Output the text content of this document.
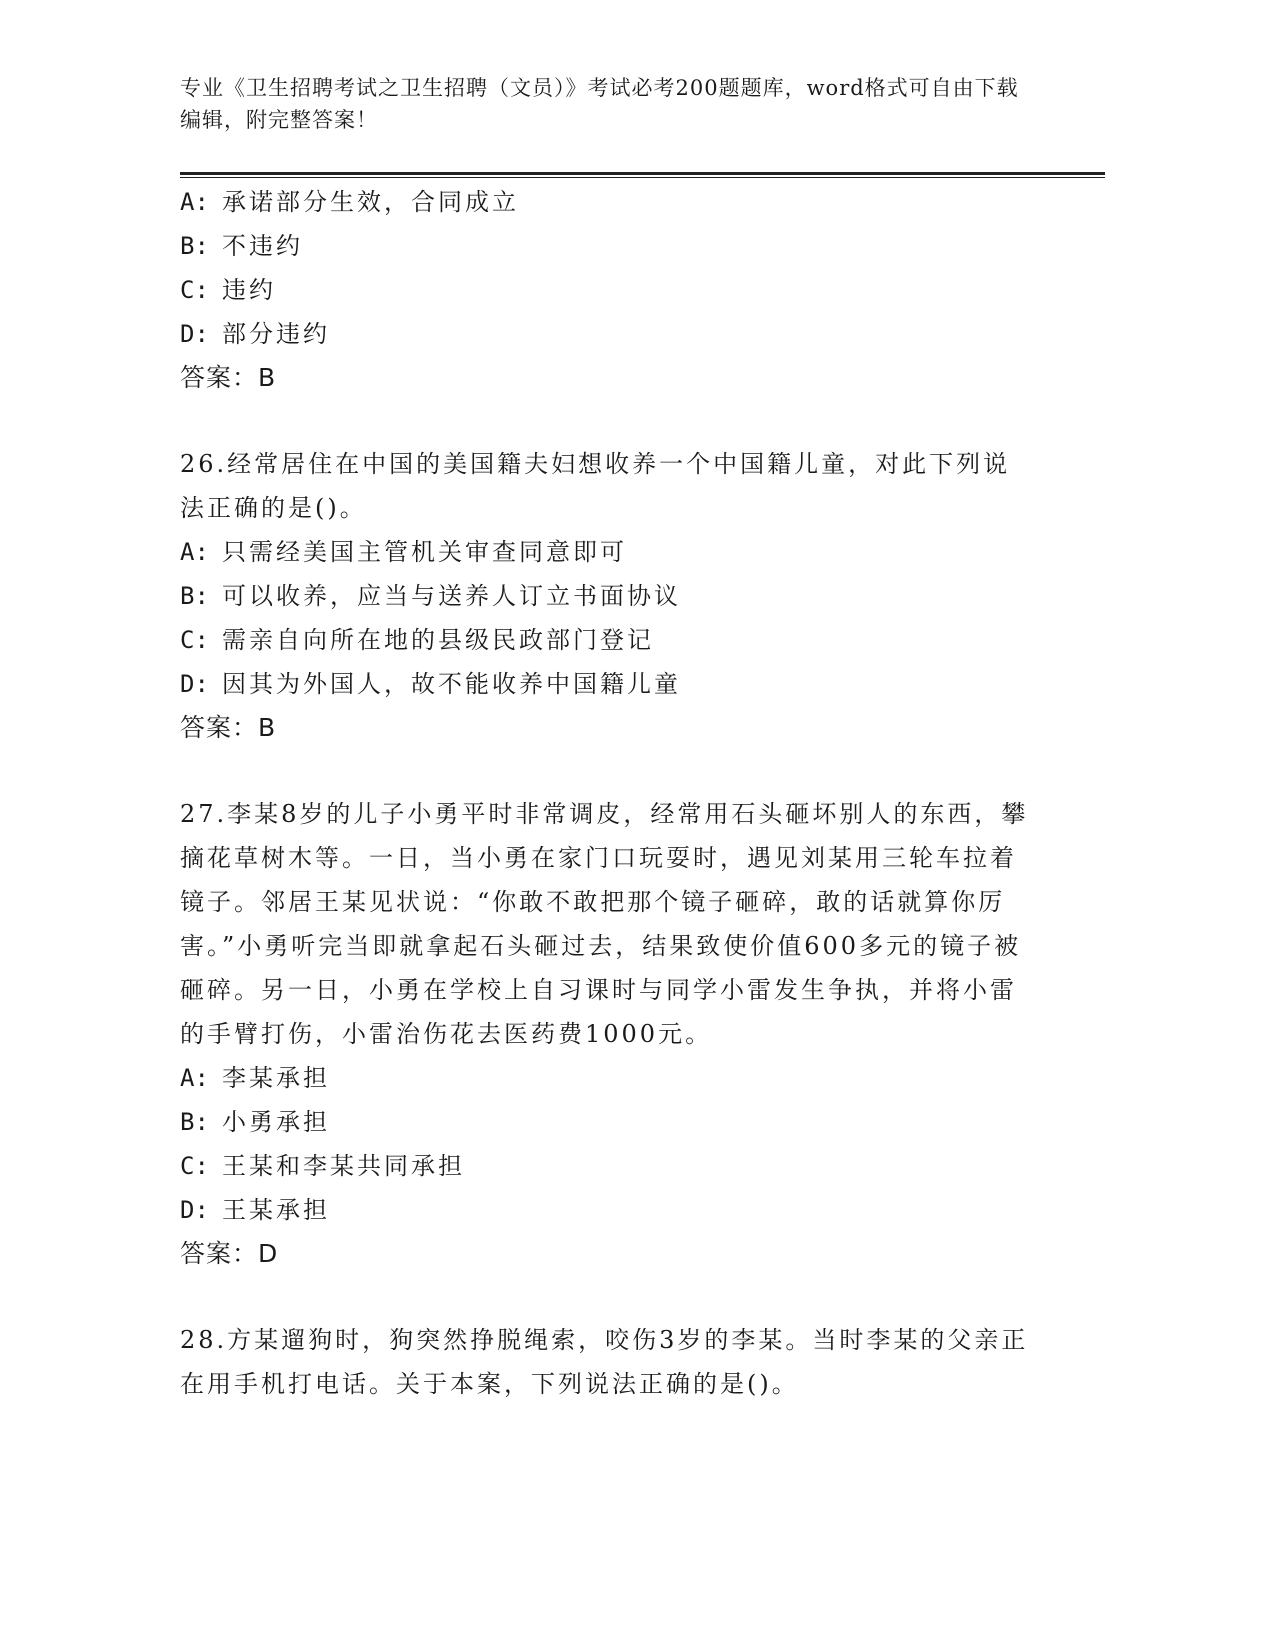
专业《卫生招聘考试之卫生招聘（文员）》考试必考200题题库，word格式可自由下载编辑，附完整答案！
A: 承诺部分生效，合同成立
B: 不违约
C: 违约
D: 部分违约
答案：B
26.经常居住在中国的美国籍夫妇想收养一个中国籍儿童，对此下列说法正确的是()。
A: 只需经美国主管机关审查同意即可
B: 可以收养，应当与送养人订立书面协议
C: 需亲自向所在地的县级民政部门登记
D: 因其为外国人，故不能收养中国籍儿童
答案：B
27.李某8岁的儿子小勇平时非常调皮，经常用石头砸坏别人的东西，攀摘花草树木等。一日，当小勇在家门口玩耍时，遇见刘某用三轮车拉着镜子。邻居王某见状说：“你敢不敢把那个镜子砸碎，敢的话就算你厉害。”小勇听完当即就拿起石头砸过去，结果致使价值600多元的镜子被砸碎。另一日，小勇在学校上自习课时与同学小雷发生争执，并将小雷的手臂打伤，小雷治伤花去医药费1000元。
A: 李某承担
B: 小勇承担
C: 王某和李某共同承担
D: 王某承担
答案：D
28.方某遛狗时，狗突然挣脱绳索，咬伤3岁的李某。当时李某的父亲正在用手机打电话。关于本案，下列说法正确的是()。
